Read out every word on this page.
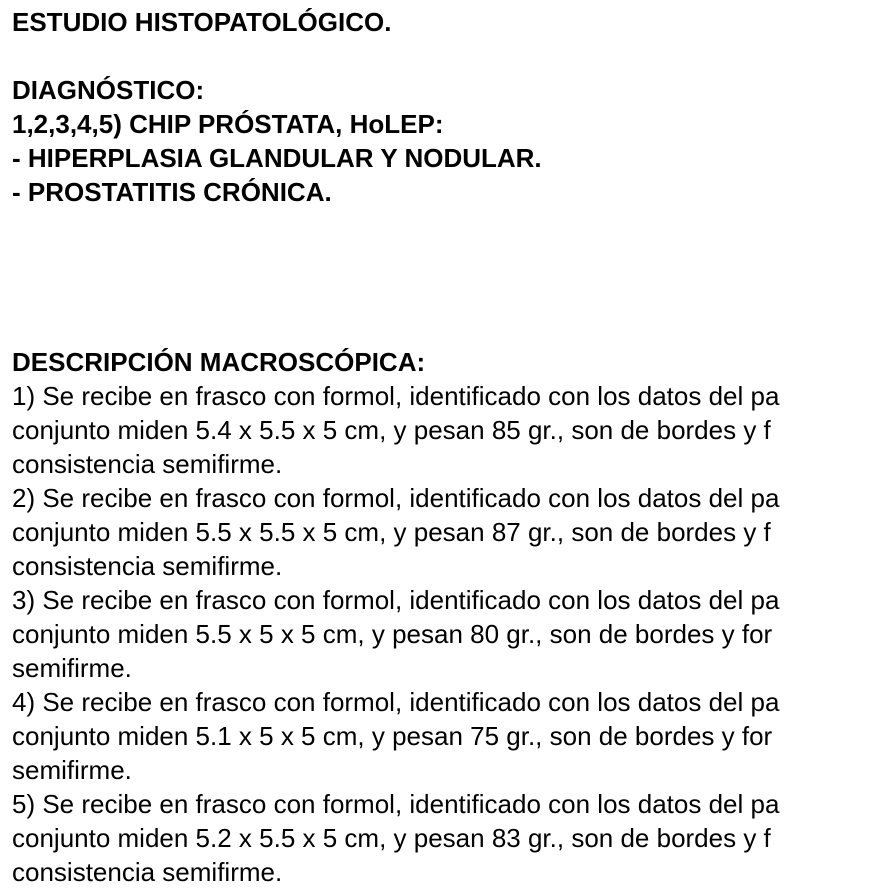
ESTUDIO HISTOPATOLÓGICO.
DIAGNÓSTICO:
1,2,3,4,5) CHIP PRÓSTATA, HoLEP:
- HIPERPLASIA GLANDULAR Y NODULAR.
- PROSTATITIS CRÓNICA.
DESCRIPCIÓN MACROSCÓPICA:
1) Se recibe en frasco con formol, identificado con los datos del pa
conjunto miden 5.4 x 5.5 x 5 cm, y pesan 85 gr., son de bordes y f
consistencia semifirme.
2) Se recibe en frasco con formol, identificado con los datos del pa
conjunto miden 5.5 x 5.5 x 5 cm, y pesan 87 gr., son de bordes y f
consistencia semifirme.
3) Se recibe en frasco con formol, identificado con los datos del pa
conjunto miden 5.5 x 5 x 5 cm, y pesan 80 gr., son de bordes y for
semifirme.
4) Se recibe en frasco con formol, identificado con los datos del pa
conjunto miden 5.1 x 5 x 5 cm, y pesan 75 gr., son de bordes y for
semifirme.
5) Se recibe en frasco con formol, identificado con los datos del pa
conjunto miden 5.2 x 5.5 x 5 cm, y pesan 83 gr., son de bordes y f
consistencia semifirme.
